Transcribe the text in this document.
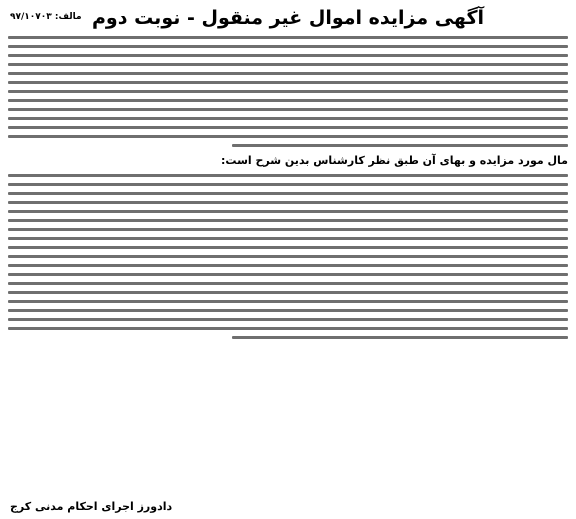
آگهی مزایده اموال غیر منقول - نوبت دوم
مالف: ۹۷/۱۰۷۰۳
مال مورد مزایده و بهای آن طبق نظر کارشناس بدین شرح است:
دادورز اجرای احکام مدنی کرج
